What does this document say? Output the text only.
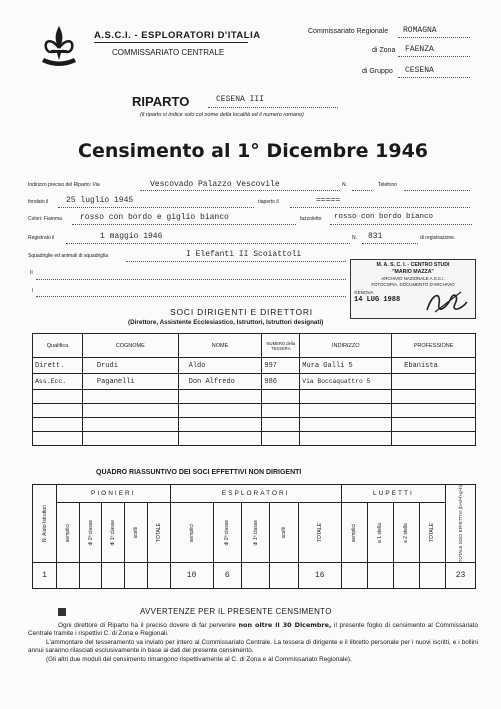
A.S.C.I. - ESPLORATORI D'ITALIA
COMMISSARIATO CENTRALE
Commissariato Regionale ROMAGNA
di Zona FAENZA
di Gruppo CESENA
RIPARTO	CESENA III
(il riparto si indice solo col nome della località ed il numero romano)
Censimento al 1° Dicembre 1946
Indirizzo preciso del Riparto: Via	Vescovado Palazzo Vescovile	N.	Telefono
fondato il 25 luglio 1945	riaperto il	=====
Colori: Fiamma rosso con bordo e giglio bianco	fazzoletto rosso con bordo bianco
Registrato il	1 maggio 1946	N. 831	di registrazione.
Squadriglie ed animali di squadriglia	I Elefanti II Scoiattoli
II
I
M. A. S. C. I. - CENTRO STUDI
"MARIO MAZZA"
ARCHIVIO NAZIONALE A.S.C.I.
FOTOCOPIA, DOCUMENTO D'ARCHIVIO
GENOVA
14 LUG 1988
SOCI DIRIGENTI E DIRETTORI
(Direttore, Assistente Ecclesiastico, Istruttori, Istruttori designati)
Qualifica	COGNOME	NOME	NUMERO della TESSERA	INDIRIZZO	PROFESSIONE
Dirett.	Drudi	Aldo	997	Mura Galli 5	Ebanista
Ass.Ecc.	Paganelli	Don Alfredo	986	Via Boccaquattro 5	

QUADRO RIASSUNTIVO DEI SOCI EFFETTIVI NON DIRIGENTI
N. Aiuto Istruttori	PIONIERI					ESPLORATORI					LUPETTI				TOTALE SOCI EFFETTIVI (b+d+f+g+h)

	semplici	di 2ª classe	di 1ª classe	scelti	TOTALE	semplici	di 2ª classe	di 1ª classe	scelti	TOTALE	semplici	a 1 stella	a 2 stelle	TOTALE	

1						10	6			16					23
AVVERTENZE PER IL PRESENTE CENSIMENTO

Ogni direttore di Riparto ha il preciso dovere di far pervenire non oltre il 30 Dicembre, il presente foglio di censimento al Commissariato Centrale tramite i rispettivi C. di Zona e Regionali.

L'ammontare del tesseramento va inviato per intero al Commissariato Centrale. La tessera di dirigente e il libretto personale per i nuovi iscritti, e i bollini annui saranno rilasciati esclusivamente in base ai dati del presente censimento.

(Gli altri due moduli del censimento rimangono rispettivamente al C. di Zona e al Commissariato Regionale).
